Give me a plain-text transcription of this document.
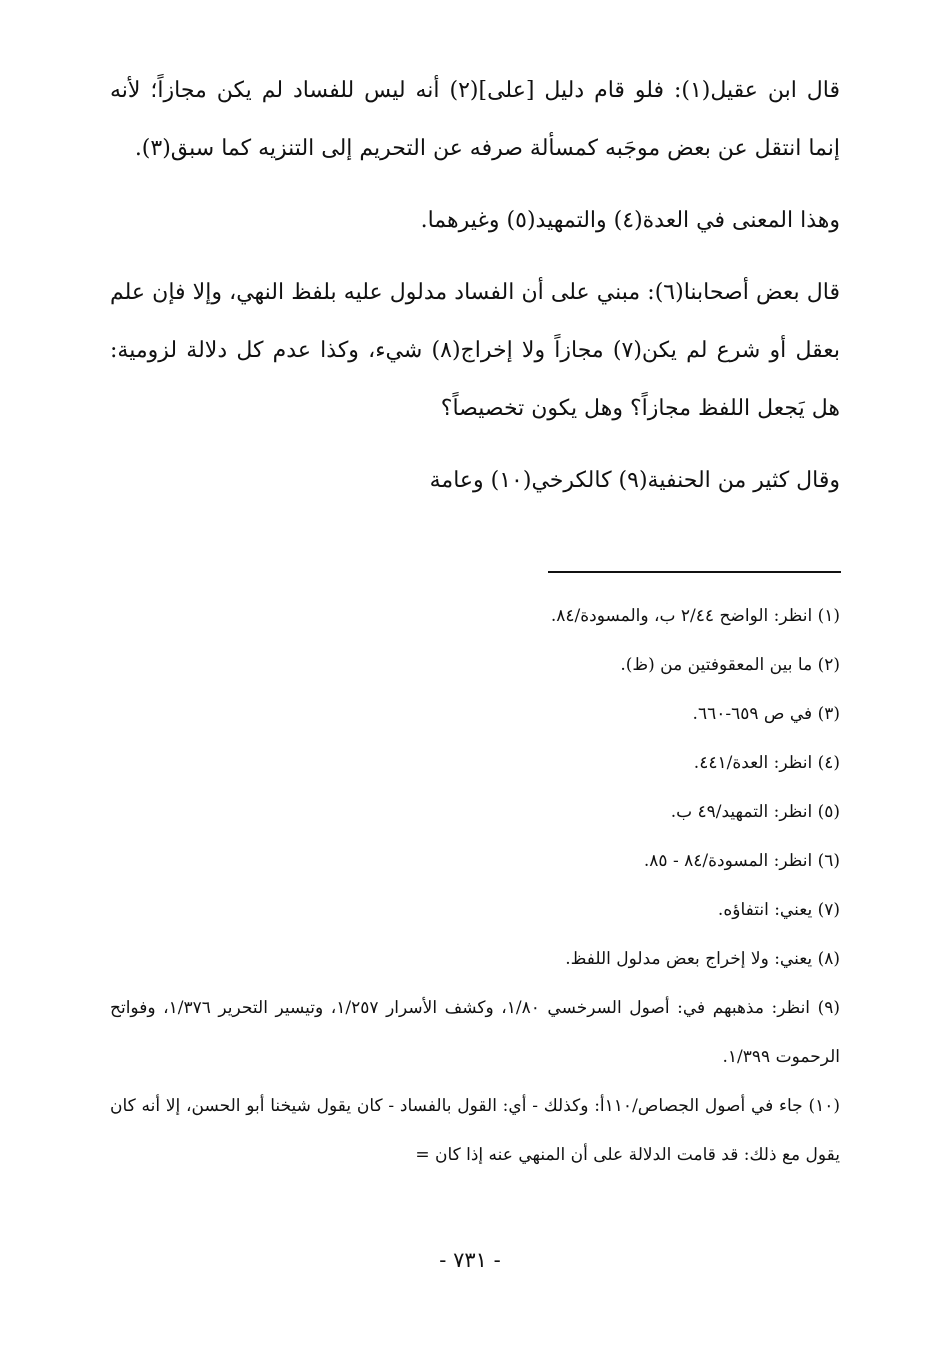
قال ابن عقيل(١): فلو قام دليل [على](٢) أنه ليس للفساد لم يكن مجازاً؛ لأنه إنما انتقل عن بعض موجَبه كمسألة صرفه عن التحريم إلى التنزيه كما سبق(٣).

وهذا المعنى في العدة(٤) والتمهيد(٥) وغيرهما.

قال بعض أصحابنا(٦): مبني على أن الفساد مدلول عليه بلفظ النهي، وإلا فإن علم بعقل أو شرع لم يكن(٧) مجازاً ولا إخراج(٨) شيء، وكذا عدم كل دلالة لزومية: هل يَجعل اللفظ مجازاً؟ وهل يكون تخصيصاً؟

وقال كثير من الحنفية(٩) كالكرخي(١٠) وعامة

(١) انظر: الواضح ٢/٤٤ ب، والمسودة/٨٤.

(٢) ما بين المعقوفتين من (ظ).

(٣) في ص ٦٥٩-٦٦٠.

(٤) انظر: العدة/٤٤١.

(٥) انظر: التمهيد/٤٩ ب.

(٦) انظر: المسودة/٨٤ - ٨٥.

(٧) يعني: انتفاؤه.

(٨) يعني: ولا إخراج بعض مدلول اللفظ.

(٩) انظر: مذهبهم في: أصول السرخسي ١/٨٠، وكشف الأسرار ١/٢٥٧، وتيسير التحرير ١/٣٧٦، وفواتح الرحموت ١/٣٩٩.

(١٠) جاء في أصول الجصاص/١١٠أ: وكذلك - أي: القول بالفساد - كان يقول شيخنا أبو الحسن، إلا أنه كان يقول مع ذلك: قد قامت الدلالة على أن المنهي عنه إذا كان =

- ٧٣١ -
